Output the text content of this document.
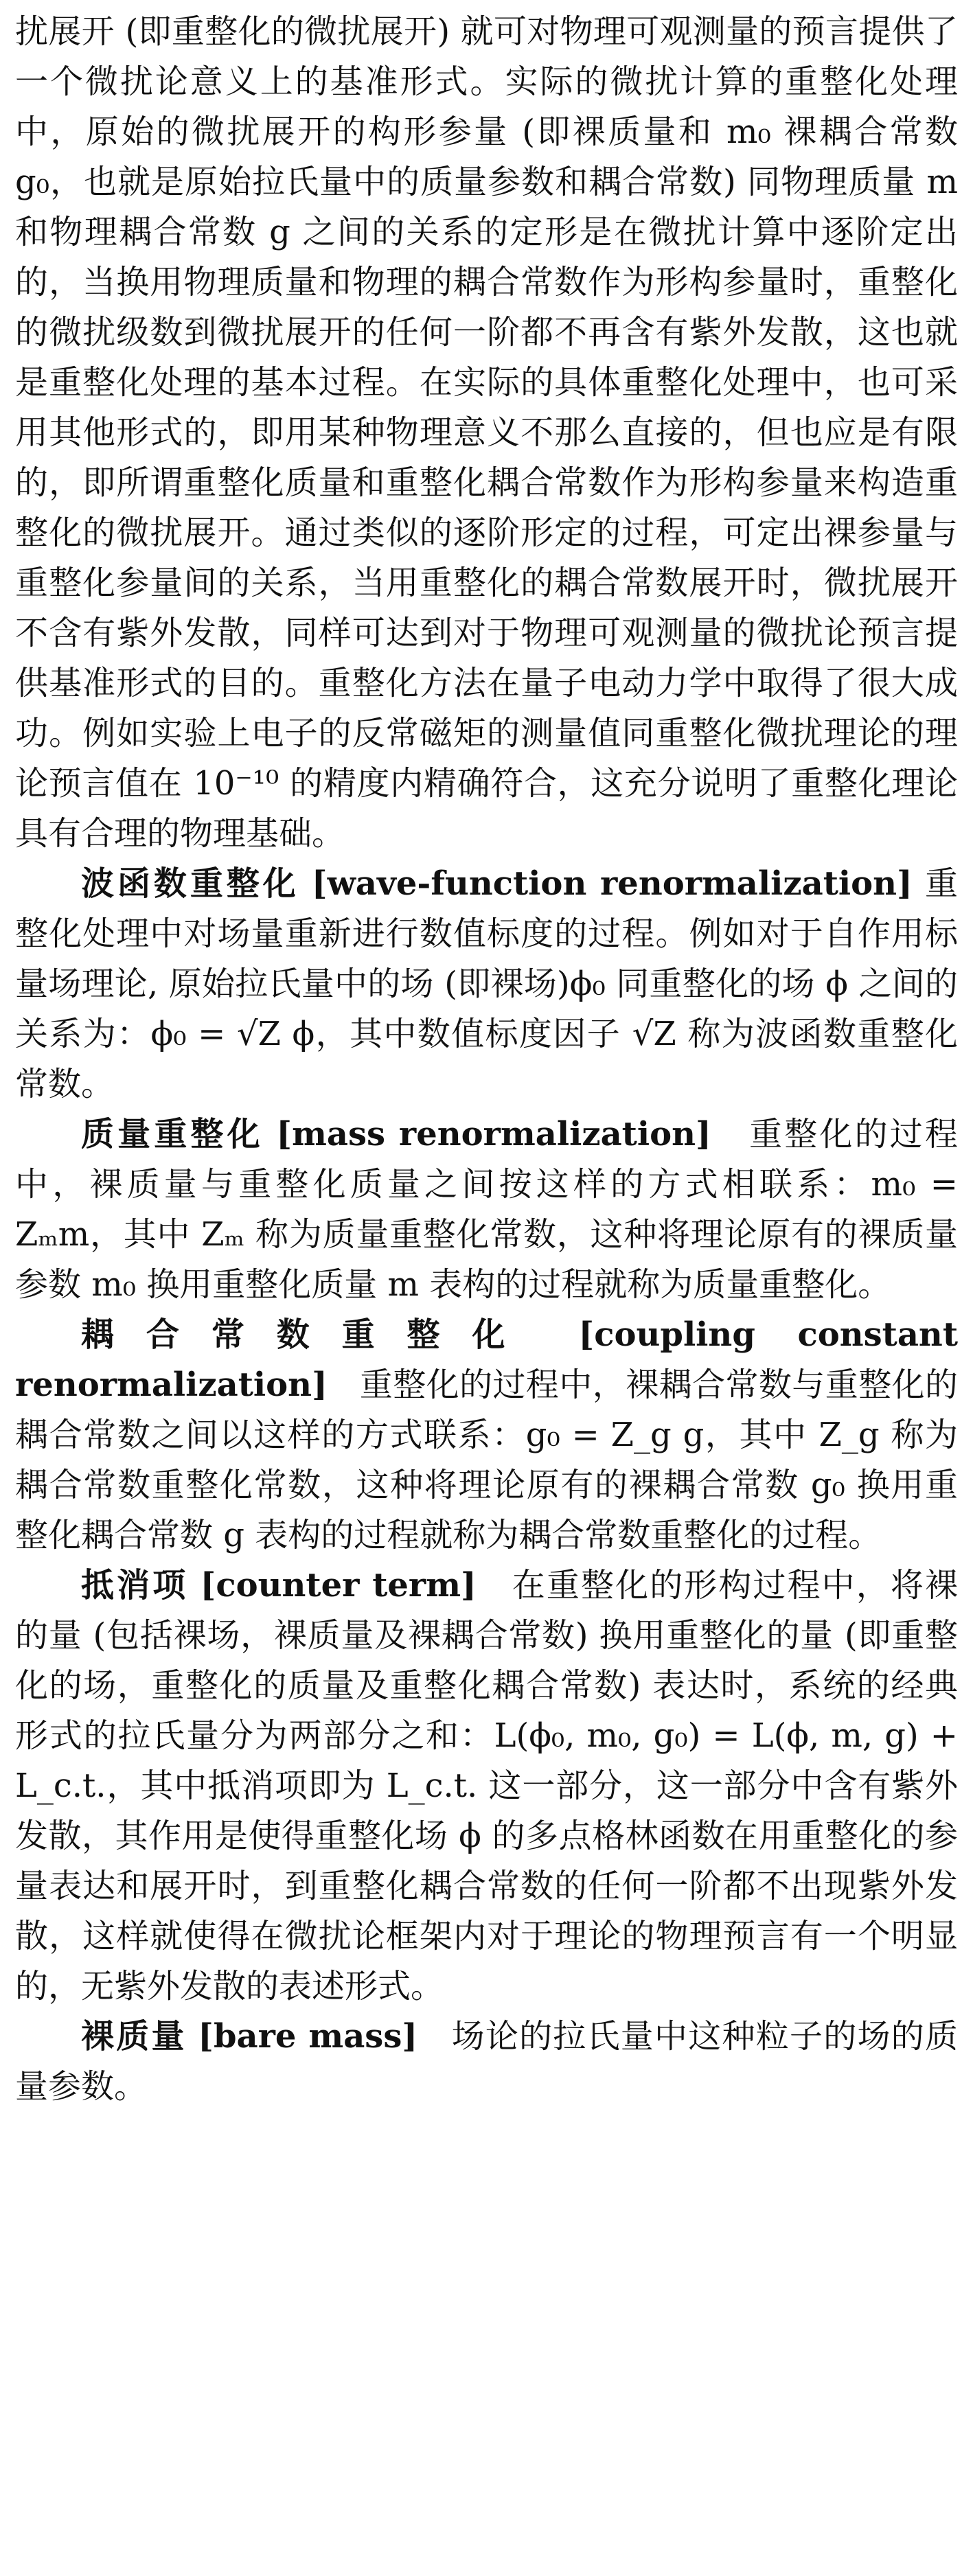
扰展开 (即重整化的微扰展开) 就可对物理可观测量的预言提供了一个微扰论意义上的基准形式。实际的微扰计算的重整化处理中，原始的微扰展开的构形参量 (即裸质量和 m₀ 裸耦合常数 g₀，也就是原始拉氏量中的质量参数和耦合常数) 同物理质量 m 和物理耦合常数 g 之间的关系的定形是在微扰计算中逐阶定出的，当换用物理质量和物理的耦合常数作为形构参量时，重整化的微扰级数到微扰展开的任何一阶都不再含有紫外发散，这也就是重整化处理的基本过程。在实际的具体重整化处理中，也可采用其他形式的，即用某种物理意义不那么直接的，但也应是有限的，即所谓重整化质量和重整化耦合常数作为形构参量来构造重整化的微扰展开。通过类似的逐阶形定的过程，可定出裸参量与重整化参量间的关系，当用重整化的耦合常数展开时，微扰展开不含有紫外发散，同样可达到对于物理可观测量的微扰论预言提供基准形式的目的。重整化方法在量子电动力学中取得了很大成功。例如实验上电子的反常磁矩的测量值同重整化微扰理论的理论预言值在 10⁻¹⁰ 的精度内精确符合，这充分说明了重整化理论具有合理的物理基础。

波函数重整化 [wave-function renormalization] 重整化处理中对场量重新进行数值标度的过程。例如对于自作用标量场理论, 原始拉氏量中的场 (即裸场)ϕ₀ 同重整化的场 ϕ 之间的关系为：ϕ₀ = √Z ϕ，其中数值标度因子 √Z 称为波函数重整化常数。

质量重整化 [mass renormalization] 重整化的过程中，裸质量与重整化质量之间按这样的方式相联系：m₀ = Zₘm，其中 Zₘ 称为质量重整化常数，这种将理论原有的裸质量参数 m₀ 换用重整化质量 m 表构的过程就称为质量重整化。

耦合常数重整化 [coupling constant renormalization] 重整化的过程中，裸耦合常数与重整化的耦合常数之间以这样的方式联系：g₀ = Z_g g，其中 Z_g 称为耦合常数重整化常数，这种将理论原有的裸耦合常数 g₀ 换用重整化耦合常数 g 表构的过程就称为耦合常数重整化的过程。

抵消项 [counter term] 在重整化的形构过程中，将裸的量 (包括裸场，裸质量及裸耦合常数) 换用重整化的量 (即重整化的场，重整化的质量及重整化耦合常数) 表达时，系统的经典形式的拉氏量分为两部分之和：L(ϕ₀, m₀, g₀) = L(ϕ, m, g) + L_c.t.，其中抵消项即为 L_c.t. 这一部分，这一部分中含有紫外发散，其作用是使得重整化场 ϕ 的多点格林函数在用重整化的参量表达和展开时，到重整化耦合常数的任何一阶都不出现紫外发散，这样就使得在微扰论框架内对于理论的物理预言有一个明显的，无紫外发散的表述形式。

裸质量 [bare mass] 场论的拉氏量中这种粒子的场的质量参数。
